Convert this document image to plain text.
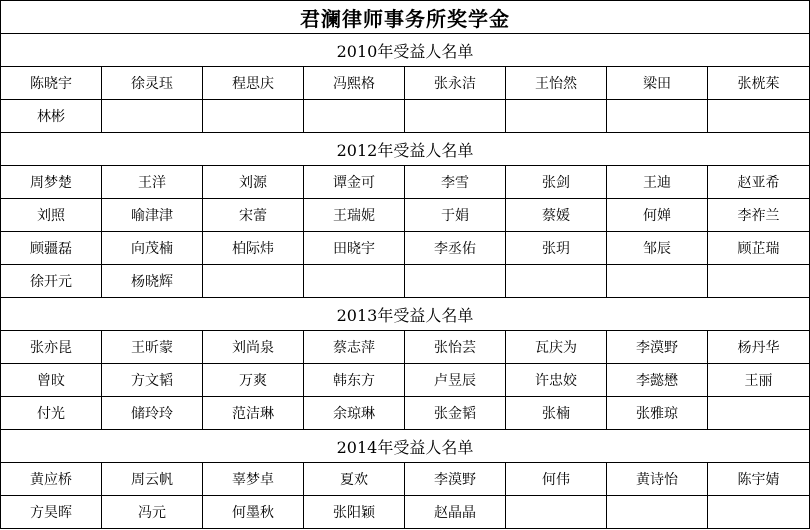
君澜律师事务所奖学金							
2010年受益人名单							
陈晓宇	徐灵珏	程思庆	冯熙格	张永洁	王怡然	梁田	张桄茱
林彬							
2012年受益人名单							
周梦楚	王洋	刘源	谭金可	李雪	张剑	王迪	赵亚希
刘照	喻津津	宋蕾	王瑞妮	于娟	蔡媛	何婵	李祚兰
顾疆磊	向茂楠	柏际炜	田晓宇	李丞佑	张玥	邹辰	顾芷瑞
徐开元	杨晓辉						
2013年受益人名单							
张亦昆	王昕蒙	刘尚泉	蔡志萍	张怡芸	瓦庆为	李漠野	杨丹华
曾旼	方文韬	万爽	韩东方	卢昱辰	许忠姣	李懿懋	王丽
付光	储玲玲	范洁琳	余琼琳	张金韬	张楠	张雅琼	
2014年受益人名单							
黄应桥	周云帆	辜梦卓	夏欢	李漠野	何伟	黄诗怡	陈宇婧
方昊晖	冯元	何墨秋	张阳颖	赵晶晶			
